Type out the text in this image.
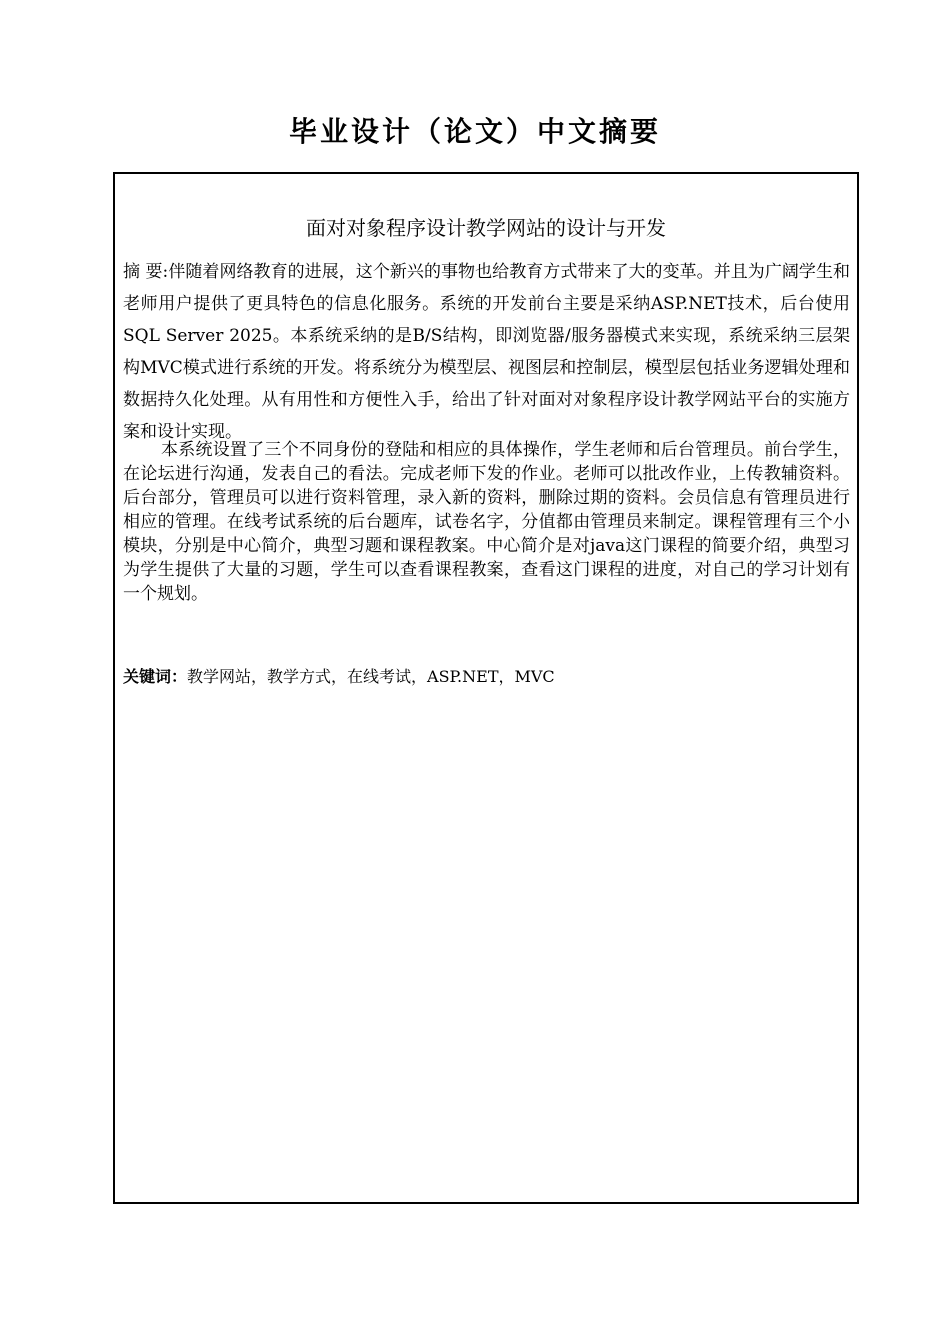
毕业设计（论文）中文摘要
面对对象程序设计教学网站的设计与开发
摘 要:伴随着网络教育的进展，这个新兴的事物也给教育方式带来了大的变革。并且为广阔学生和老师用户提供了更具特色的信息化服务。系统的开发前台主要是采纳ASP.NET技术，后台使用SQL Server 2025。本系统采纳的是B/S结构，即浏览器/服务器模式来实现，系统采纳三层架构MVC模式进行系统的开发。将系统分为模型层、视图层和控制层，模型层包括业务逻辑处理和数据持久化处理。从有用性和方便性入手，给出了针对面对对象程序设计教学网站平台的实施方案和设计实现。
本系统设置了三个不同身份的登陆和相应的具体操作，学生老师和后台管理员。前台学生，在论坛进行沟通，发表自己的看法。完成老师下发的作业。老师可以批改作业，上传教辅资料。后台部分，管理员可以进行资料管理，录入新的资料，删除过期的资料。会员信息有管理员进行相应的管理。在线考试系统的后台题库，试卷名字，分值都由管理员来制定。课程管理有三个小模块，分别是中心简介，典型习题和课程教案。中心简介是对java这门课程的简要介绍，典型习为学生提供了大量的习题，学生可以查看课程教案，查看这门课程的进度，对自己的学习计划有一个规划。
关键词：教学网站，教学方式，在线考试，ASP.NET，MVC
